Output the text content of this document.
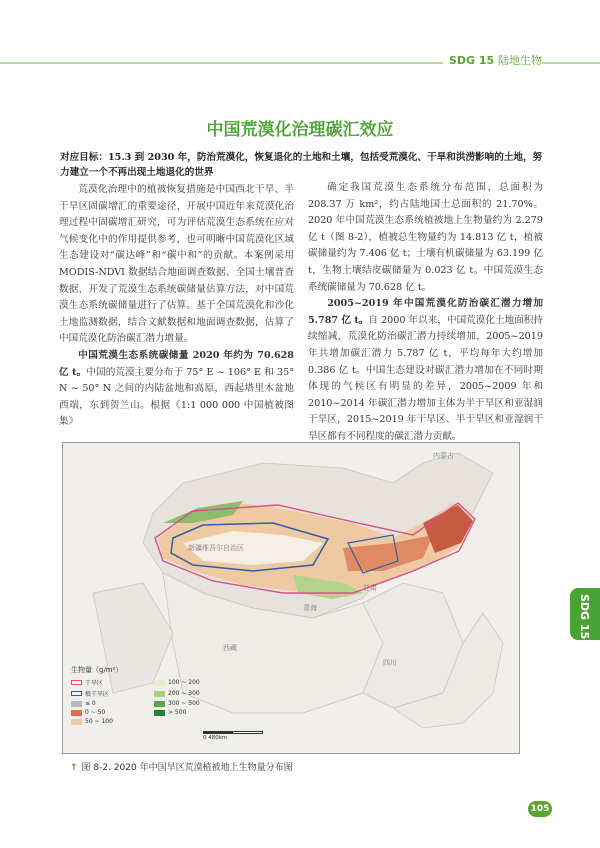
SDG 15 陆地生物
中国荒漠化治理碳汇效应
对应目标：15.3 到 2030 年，防治荒漠化，恢复退化的土地和土壤，包括受荒漠化、干旱和洪涝影响的土地，努力建立一个不再出现土地退化的世界

荒漠化治理中的植被恢复措施是中国西北干旱、半干旱区固碳增汇的重要途径，开展中国近年来荒漠化治理过程中固碳增汇研究，可为评估荒漠生态系统在应对气候变化中的作用提供参考，也可明晰中国荒漠化区域生态建设对“碳达峰”和“碳中和”的贡献。本案例采用 MODIS-NDVI 数据结合地面调查数据、全国土壤普查数据，开发了荒漠生态系统碳储量估算方法，对中国荒漠生态系统碳储量进行了估算。基于全国荒漠化和沙化土地监测数据，结合文献数据和地面调查数据，估算了中国荒漠化防治碳汇潜力增量。

中国荒漠生态系统碳储量 2020 年约为 70.628 亿 t。中国的荒漠主要分布于 75° E ~ 106° E 和 35° N ~ 50° N 之间的内陆盆地和高原，西起塔里木盆地西端，东到贺兰山。根据《1:1 000 000 中国植被图集》

确定我国荒漠生态系统分布范围，总面积为 208.37 万 km²，约占陆地国土总面积的 21.70%。2020 年中国荒漠生态系统植被地上生物量约为 2.279 亿 t（图 8-2），植被总生物量约为 14.813 亿 t，植被碳储量约为 7.406 亿 t；土壤有机碳储量为 63.199 亿 t，生物土壤结皮碳储量为 0.023 亿 t。中国荒漠生态系统碳储量为 70.628 亿 t。

2005~2019 年中国荒漠化防治碳汇潜力增加 5.787 亿 t。自 2000 年以来，中国荒漠化土地面积持续缩减，荒漠化防治碳汇潜力持续增加，2005~2019 年共增加碳汇潜力 5.787 亿 t，平均每年大约增加 0.386 亿 t。中国生态建设对碳汇潜力增加在不同时期体现的气候区有明显的差异，2005~2009 年和 2010~2014 年碳汇潜力增加主体为半干旱区和亚湿润干旱区，2015~2019 年干旱区、半干旱区和亚湿润干旱区都有不同程度的碳汇潜力贡献。

内蒙古
新疆维吾尔自治区
西藏
四川
青海
甘肃
生物量（g/m²）
干旱区	100 ~ 200
极干旱区	200 ~ 300
≤ 0	300 ~ 500
0 ~ 50	> 500
50 ~ 100
0 480km
↑ 图 8-2. 2020 年中国旱区荒漠植被地上生物量分布图
SDG 15
105
